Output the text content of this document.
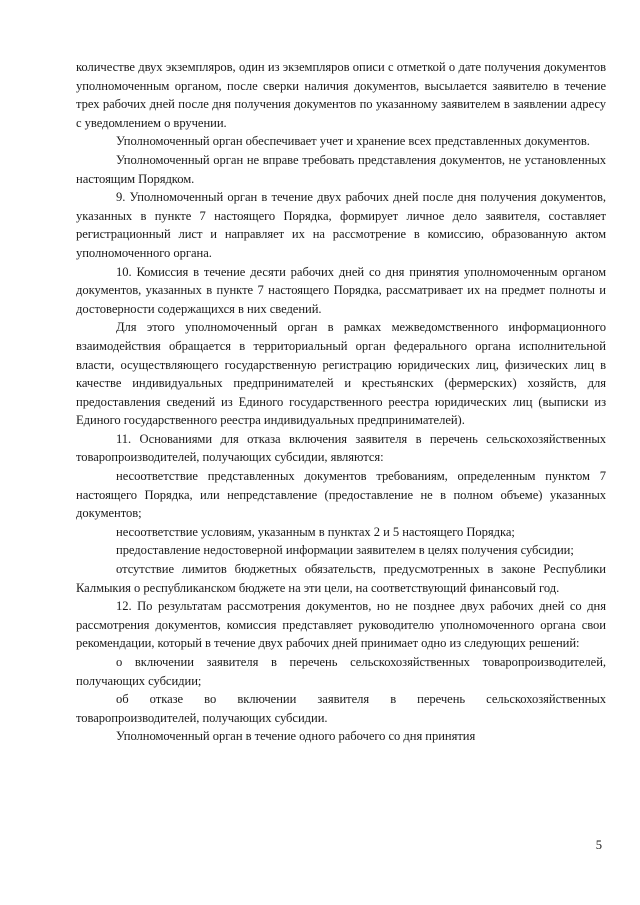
количестве двух экземпляров, один из экземпляров описи с отметкой о дате получения документов уполномоченным органом, после сверки наличия документов, высылается заявителю в течение трех рабочих дней после дня получения документов по указанному заявителем в заявлении адресу с уведомлением о вручении.

Уполномоченный орган обеспечивает учет и хранение всех представленных документов.

Уполномоченный орган не вправе требовать представления документов, не установленных настоящим Порядком.

9. Уполномоченный орган в течение двух рабочих дней после дня получения документов, указанных в пункте 7 настоящего Порядка, формирует личное дело заявителя, составляет регистрационный лист и направляет их на рассмотрение в комиссию, образованную актом уполномоченного органа.

10. Комиссия в течение десяти рабочих дней со дня принятия уполномоченным органом документов, указанных в пункте 7 настоящего Порядка, рассматривает их на предмет полноты и достоверности содержащихся в них сведений.

Для этого уполномоченный орган в рамках межведомственного информационного взаимодействия обращается в территориальный орган федерального органа исполнительной власти, осуществляющего государственную регистрацию юридических лиц, физических лиц в качестве индивидуальных предпринимателей и крестьянских (фермерских) хозяйств, для предоставления сведений из Единого государственного реестра юридических лиц (выписки из Единого государственного реестра индивидуальных предпринимателей).

11. Основаниями для отказа включения заявителя в перечень сельскохозяйственных товаропроизводителей, получающих субсидии, являются:

несоответствие представленных документов требованиям, определенным пунктом 7 настоящего Порядка, или непредставление (предоставление не в полном объеме) указанных документов;

несоответствие условиям, указанным в пунктах 2 и 5 настоящего Порядка;

предоставление недостоверной информации заявителем в целях получения субсидии;

отсутствие лимитов бюджетных обязательств, предусмотренных в законе Республики Калмыкия о республиканском бюджете на эти цели, на соответствующий финансовый год.

12. По результатам рассмотрения документов, но не позднее двух рабочих дней со дня рассмотрения документов, комиссия представляет руководителю уполномоченного органа свои рекомендации, который в течение двух рабочих дней принимает одно из следующих решений:

о включении заявителя в перечень сельскохозяйственных товаропроизводителей, получающих субсидии;

об отказе во включении заявителя в перечень сельскохозяйственных товаропроизводителей, получающих субсидии.

Уполномоченный орган в течение одного рабочего со дня принятия

5
